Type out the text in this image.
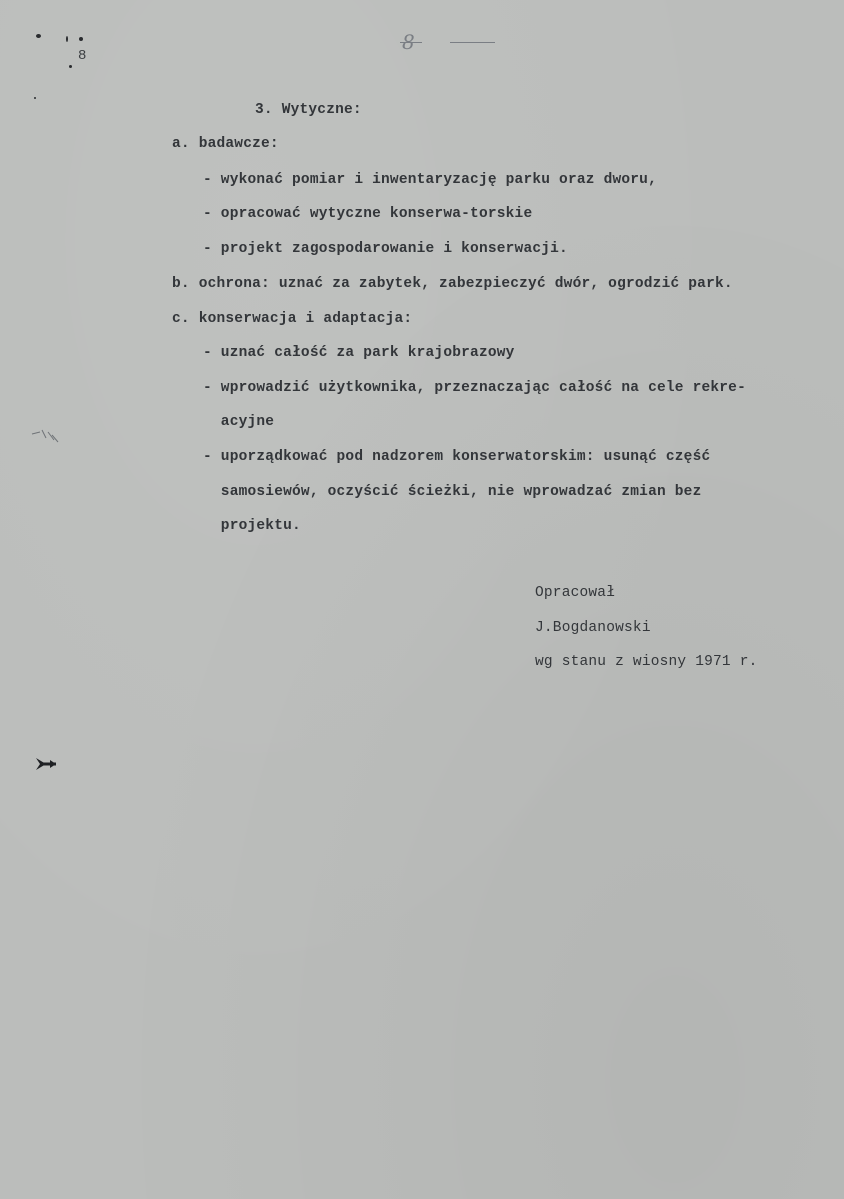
8
8
3. Wytyczne:
a. badawcze:
- wykonać pomiar i inwentaryzację parku oraz dworu,
- opracować wytyczne konserwa-torskie
- projekt zagospodarowanie i konserwacji.
b. ochrona: uznać za zabytek, zabezpieczyć dwór, ogrodzić park.
c. konserwacja i adaptacja:
- uznać całość za park krajobrazowy
- wprowadzić użytkownika, przeznaczając całość na cele rekre-
acyjne
- uporządkować pod nadzorem konserwatorskim: usunąć część
samosiewów, oczyścić ścieżki, nie wprowadzać zmian bez
projektu.
Opracował
J.Bogdanowski
wg stanu z wiosny 1971 r.
